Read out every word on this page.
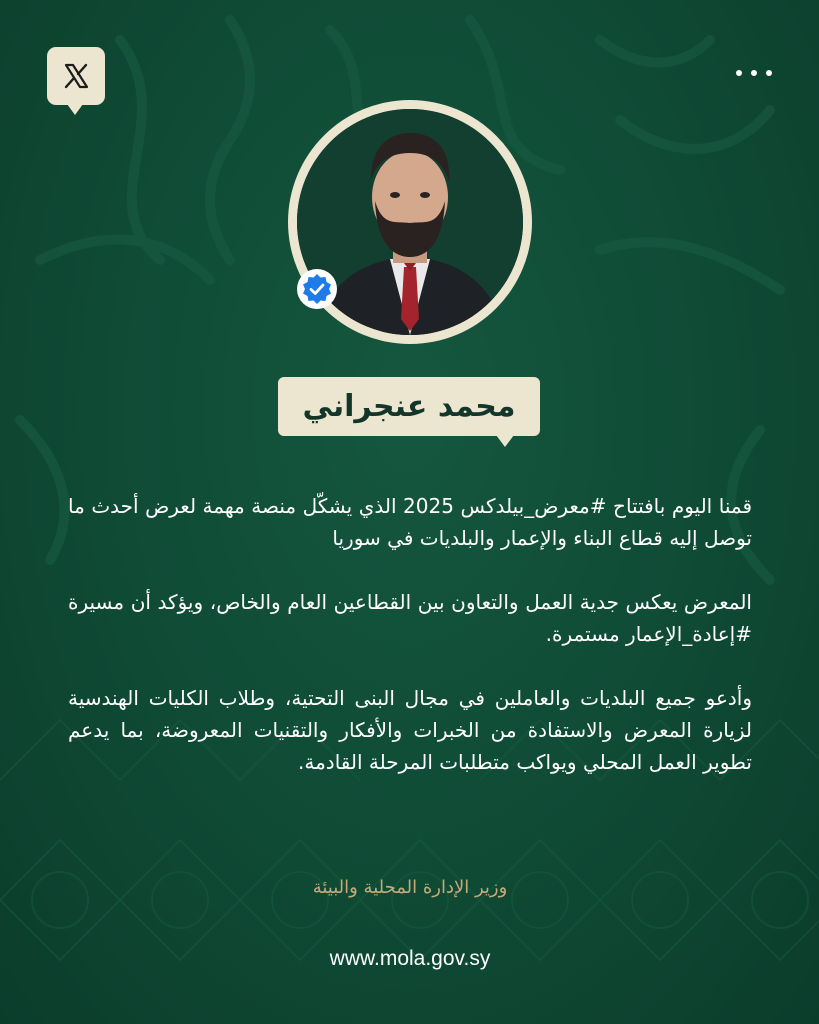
محمد عنجراني

قمنا اليوم بافتتاح #معرض_بيلدكس 2025 الذي يشكّل منصة مهمة لعرض أحدث ما توصل إليه قطاع البناء والإعمار والبلديات في سوريا

المعرض يعكس جدية العمل والتعاون بين القطاعين العام والخاص، ويؤكد أن مسيرة #إعادة_الإعمار مستمرة.

وأدعو جميع البلديات والعاملين في مجال البنى التحتية، وطلاب الكليات الهندسية لزيارة المعرض والاستفادة من الخبرات والأفكار والتقنيات المعروضة، بما يدعم تطوير العمل المحلي ويواكب متطلبات المرحلة القادمة.

وزير الإدارة المحلية والبيئة
www.mola.gov.sy
